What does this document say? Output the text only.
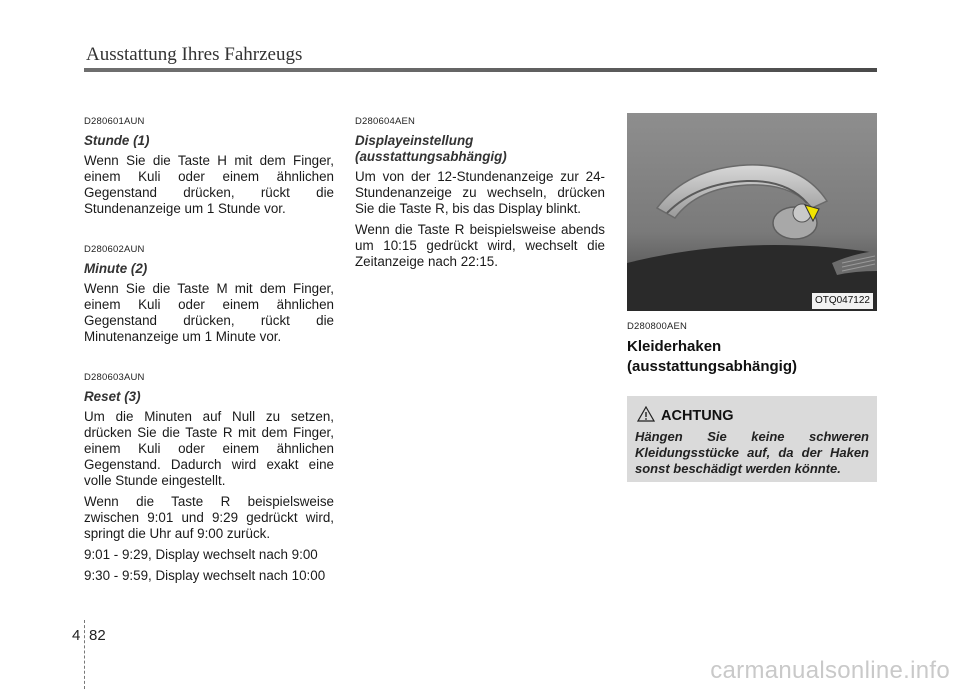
Ausstattung Ihres Fahrzeugs
D280601AUN
Stunde (1)

Wenn Sie die Taste H mit dem Finger, einem Kuli oder einem ähnlichen Gegenstand drücken, rückt die Stundenanzeige um 1 Stunde vor.

D280602AUN
Minute (2)

Wenn Sie die Taste M mit dem Finger, einem Kuli oder einem ähnlichen Gegenstand drücken, rückt die Minutenanzeige um 1 Minute vor.

D280603AUN
Reset (3)

Um die Minuten auf Null zu setzen, drücken Sie die Taste R mit dem Finger, einem Kuli oder einem ähnlichen Gegenstand. Dadurch wird exakt eine volle Stunde eingestellt.

Wenn die Taste R beispielsweise zwischen 9:01 und 9:29 gedrückt wird, springt die Uhr auf 9:00 zurück.

9:01 - 9:29, Display wechselt nach 9:00

9:30 - 9:59, Display wechselt nach 10:00

D280604AEN
Displayeinstellung
(ausstattungsabhängig)

Um von der 12-Stundenanzeige zur 24-Stundenanzeige zu wechseln, drücken Sie die Taste R, bis das Display blinkt.

Wenn die Taste R beispielsweise abends um 10:15 gedrückt wird, wechselt die Zeitanzeige nach 22:15.

OTQ047122
D280800AEN
Kleiderhaken
(ausstattungsabhängig)
ACHTUNG
Hängen Sie keine schweren Kleidungsstücke auf, da der Haken sonst beschädigt werden könnte.
4 82
carmanualsonline.info
